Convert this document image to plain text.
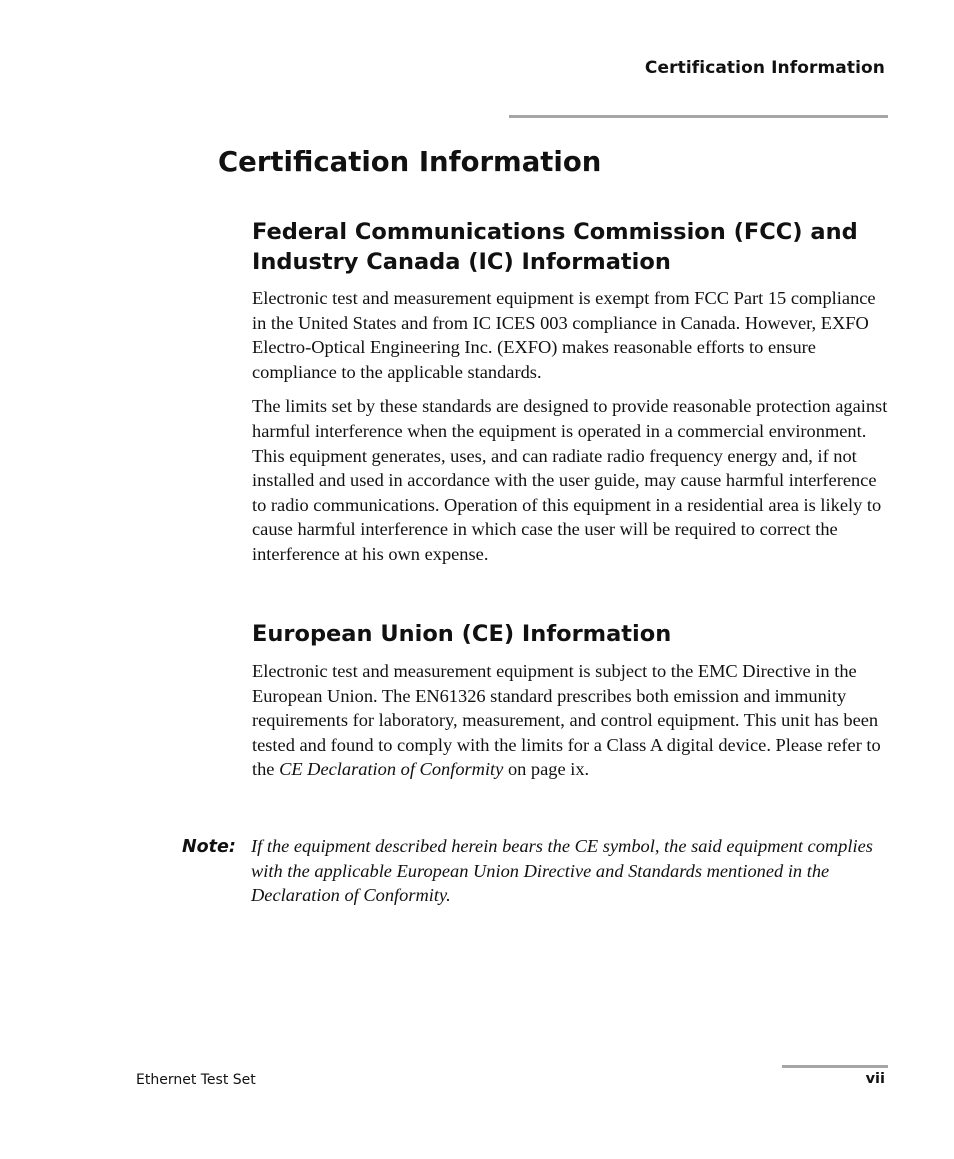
Certification Information
Certification Information
Federal Communications Commission (FCC) and
Industry Canada (IC) Information

Electronic test and measurement equipment is exempt from FCC Part 15 compliance in the United States and from IC ICES 003 compliance in Canada. However, EXFO Electro-Optical Engineering Inc. (EXFO) makes reasonable efforts to ensure compliance to the applicable standards.

The limits set by these standards are designed to provide reasonable protection against harmful interference when the equipment is operated in a commercial environment. This equipment generates, uses, and can radiate radio frequency energy and, if not installed and used in accordance with the user guide, may cause harmful interference to radio communications. Operation of this equipment in a residential area is likely to cause harmful interference in which case the user will be required to correct the interference at his own expense.

European Union (CE) Information

Electronic test and measurement equipment is subject to the EMC Directive in the European Union. The EN61326 standard prescribes both emission and immunity requirements for laboratory, measurement, and control equipment. This unit has been tested and found to comply with the limits for a Class A digital device. Please refer to the CE Declaration of Conformity on page ix.

Note: If the equipment described herein bears the CE symbol, the said equipment complies with the applicable European Union Directive and Standards mentioned in the Declaration of Conformity.

Ethernet Test Set	vii
